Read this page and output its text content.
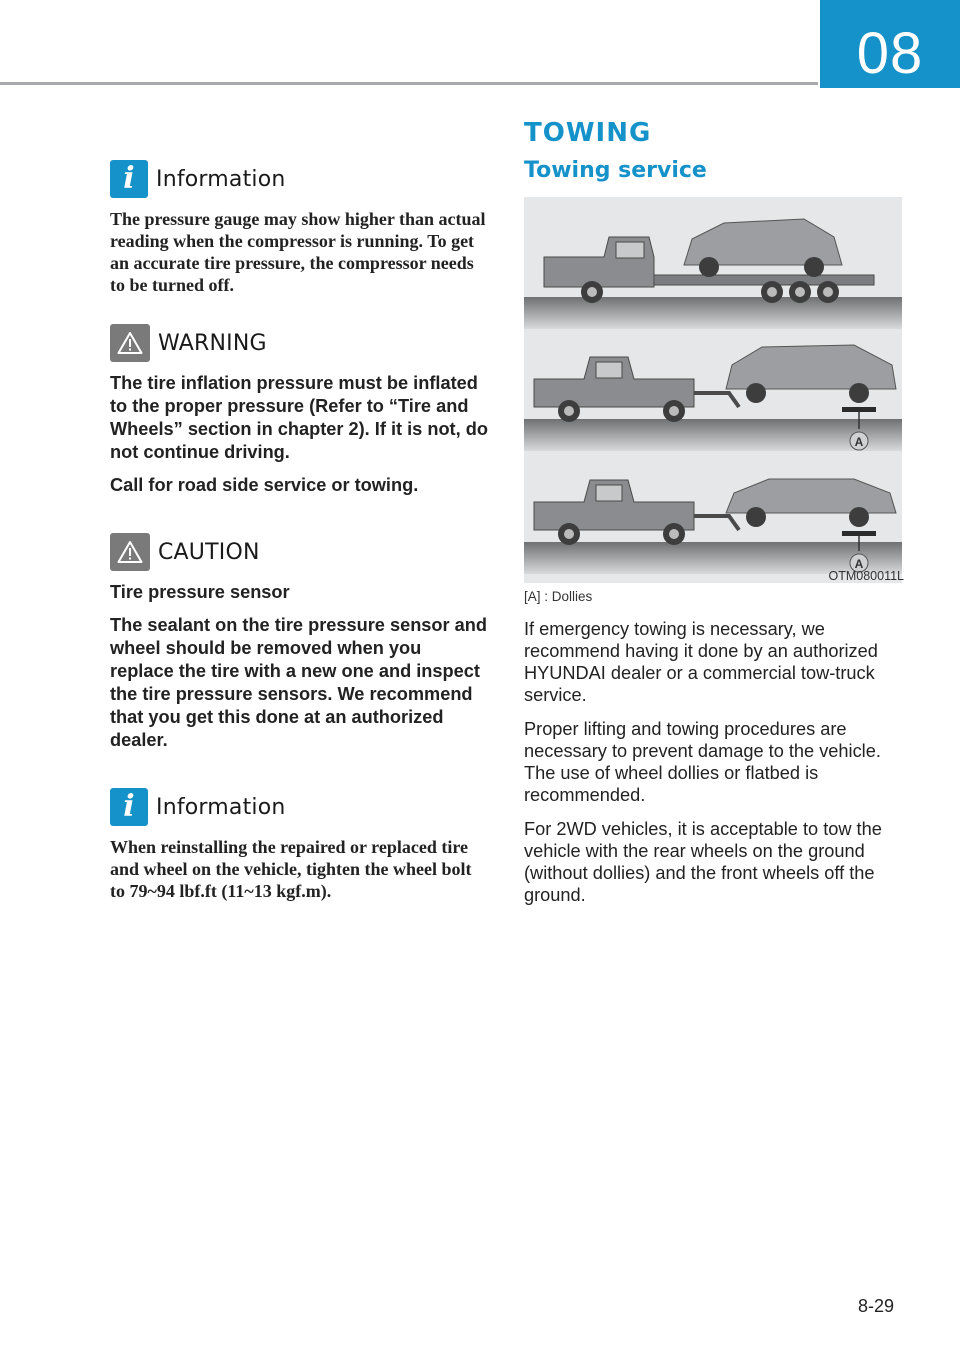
08
i Information

The pressure gauge may show higher than actual reading when the compressor is running. To get an accurate tire pressure, the compressor needs to be turned off.

WARNING

The tire inflation pressure must be inflated to the proper pressure (Refer to “Tire and Wheels” section in chapter 2). If it is not, do not continue driving.

Call for road side service or towing.

CAUTION

Tire pressure sensor

The sealant on the tire pressure sensor and wheel should be removed when you replace the tire with a new one and inspect the tire pressure sensors. We recommend that you get this done at an authorized dealer.

i Information

When reinstalling the repaired or replaced tire and wheel on the vehicle, tighten the wheel bolt to 79~94 lbf.ft (11~13 kgf.m).

TOWING
Towing service
A
A
OTM080011L
[A] : Dollies

If emergency towing is necessary, we recommend having it done by an authorized HYUNDAI dealer or a commercial tow-truck service.

Proper lifting and towing procedures are necessary to prevent damage to the vehicle. The use of wheel dollies or flatbed is recommended.

For 2WD vehicles, it is acceptable to tow the vehicle with the rear wheels on the ground (without dollies) and the front wheels off the ground.

8-29
